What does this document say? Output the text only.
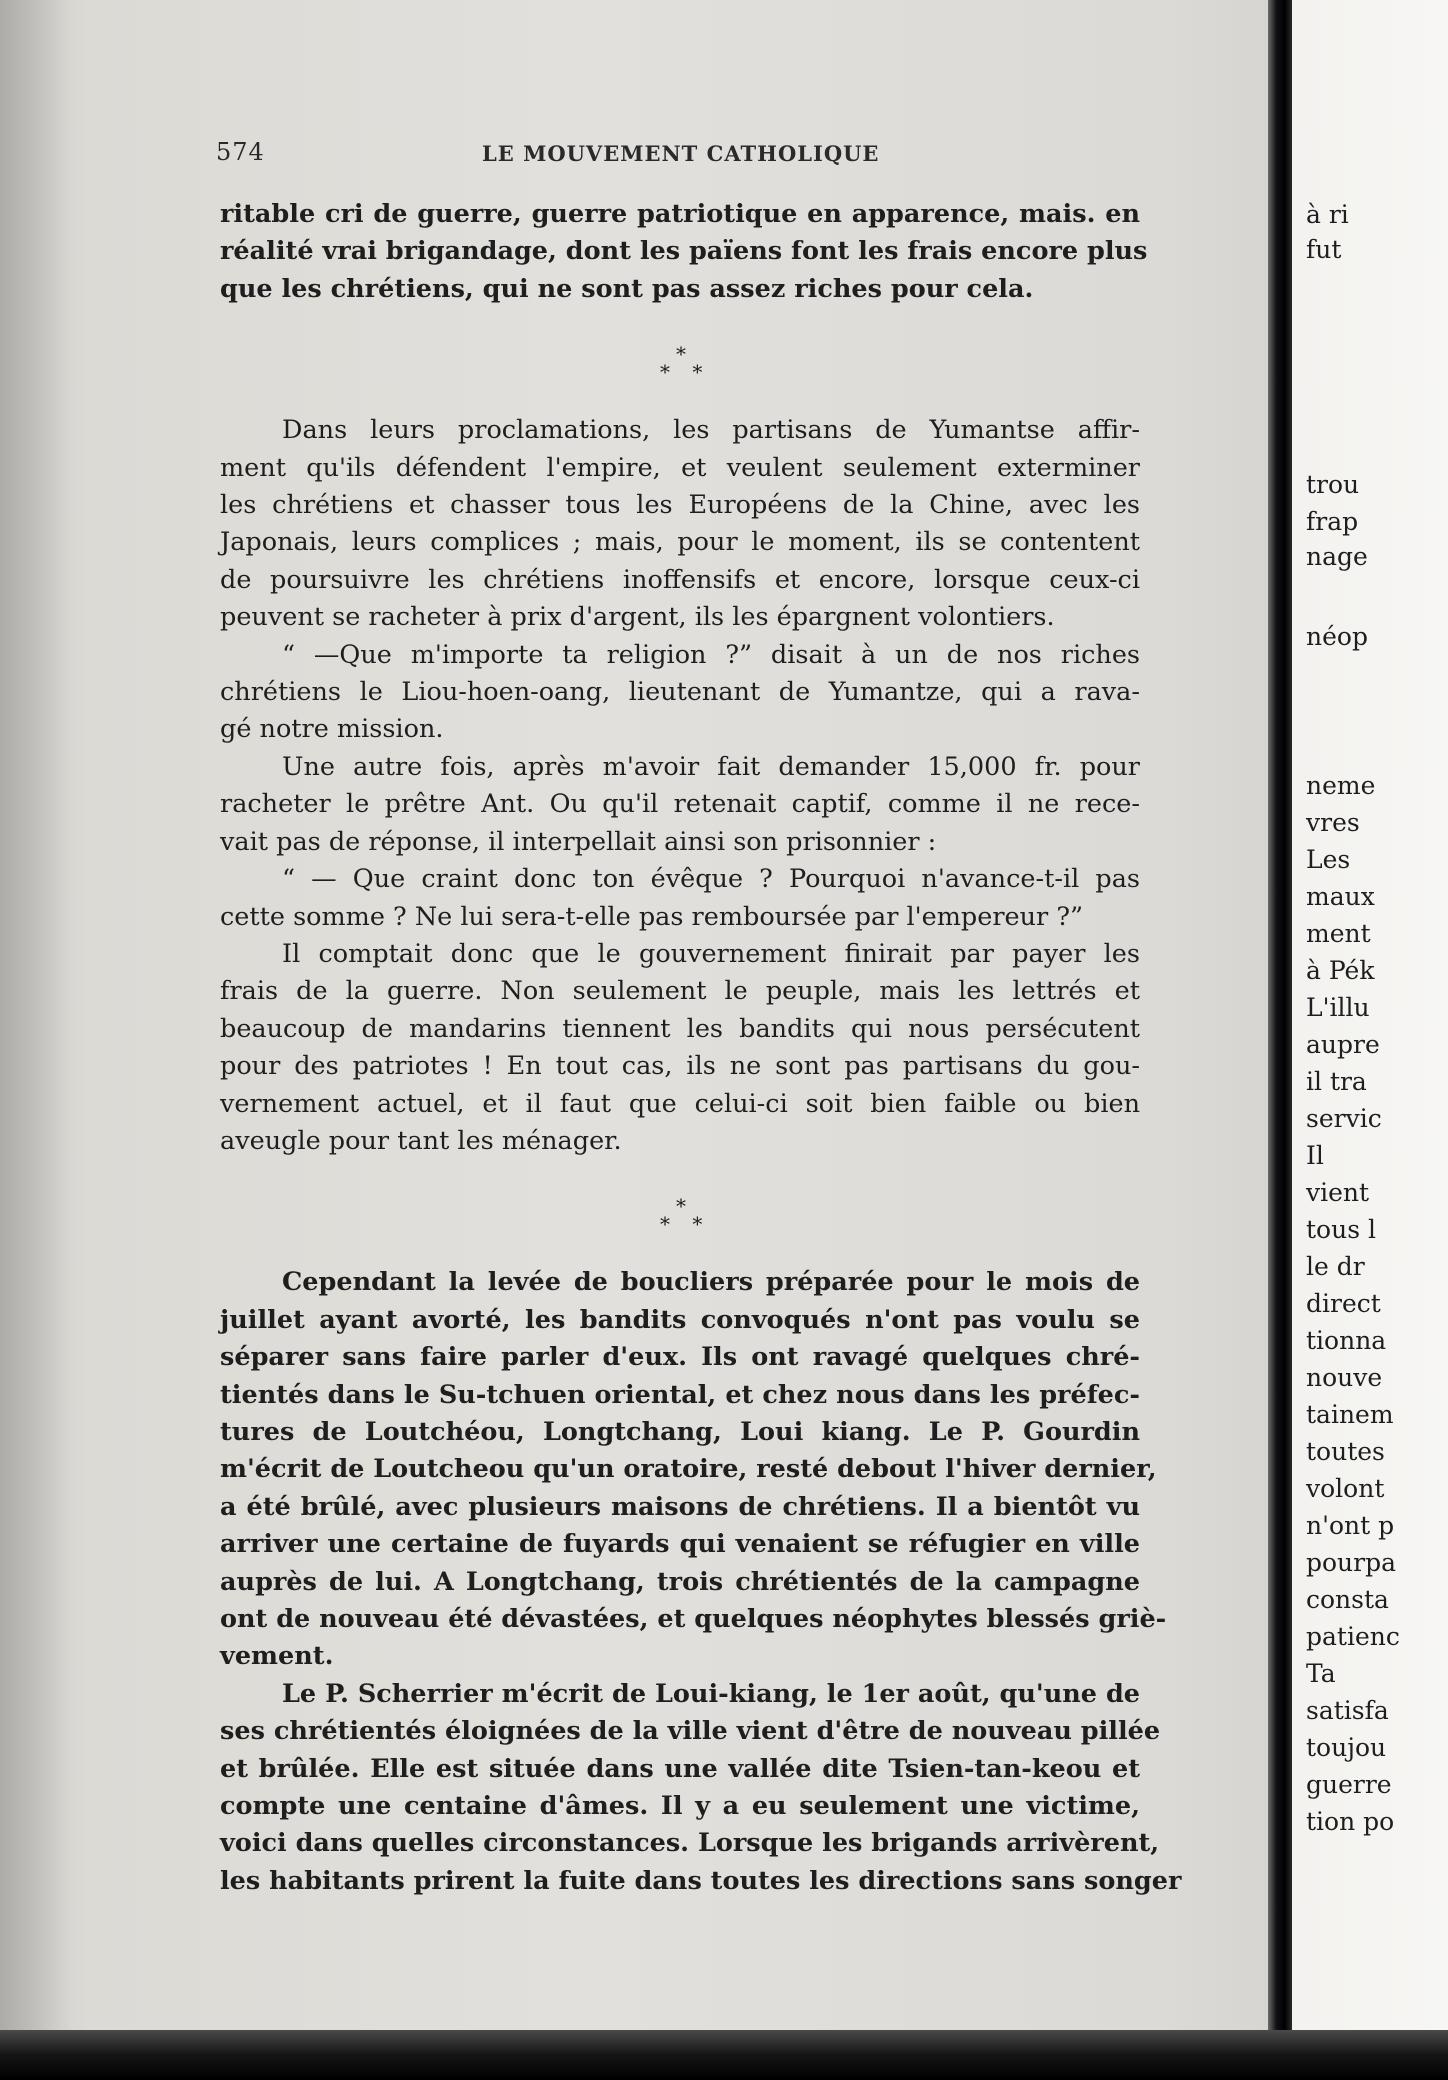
574	LE MOUVEMENT CATHOLIQUE

ritable cri de guerre, guerre patriotique en apparence, mais. en
réalité vrai brigandage, dont les païens font les frais encore plus
que les chrétiens, qui ne sont pas assez riches pour cela.

*
* *

Dans leurs proclamations, les partisans de Yumantse affir-
ment qu'ils défendent l'empire, et veulent seulement exterminer
les chrétiens et chasser tous les Européens de la Chine, avec les
Japonais, leurs complices ; mais, pour le moment, ils se contentent
de poursuivre les chrétiens inoffensifs et encore, lorsque ceux-ci
peuvent se racheter à prix d'argent, ils les épargnent volontiers.

“ —Que m'importe ta religion ?” disait à un de nos riches
chrétiens le Liou-hoen-oang, lieutenant de Yumantze, qui a rava-
gé notre mission.

Une autre fois, après m'avoir fait demander 15,000 fr. pour
racheter le prêtre Ant. Ou qu'il retenait captif, comme il ne rece-
vait pas de réponse, il interpellait ainsi son prisonnier :

“ — Que craint donc ton évêque ? Pourquoi n'avance-t-il pas
cette somme ? Ne lui sera-t-elle pas remboursée par l'empereur ?”

Il comptait donc que le gouvernement finirait par payer les
frais de la guerre. Non seulement le peuple, mais les lettrés et
beaucoup de mandarins tiennent les bandits qui nous persécutent
pour des patriotes ! En tout cas, ils ne sont pas partisans du gou-
vernement actuel, et il faut que celui-ci soit bien faible ou bien
aveugle pour tant les ménager.

*
* *

Cependant la levée de boucliers préparée pour le mois de
juillet ayant avorté, les bandits convoqués n'ont pas voulu se
séparer sans faire parler d'eux. Ils ont ravagé quelques chré-
tientés dans le Su-tchuen oriental, et chez nous dans les préfec-
tures de Loutchéou, Longtchang, Loui kiang. Le P. Gourdin
m'écrit de Loutcheou qu'un oratoire, resté debout l'hiver dernier,
a été brûlé, avec plusieurs maisons de chrétiens. Il a bientôt vu
arriver une certaine de fuyards qui venaient se réfugier en ville
auprès de lui. A Longtchang, trois chrétientés de la campagne
ont de nouveau été dévastées, et quelques néophytes blessés griè-
vement.

Le P. Scherrier m'écrit de Loui-kiang, le 1er août, qu'une de
ses chrétientés éloignées de la ville vient d'être de nouveau pillée
et brûlée. Elle est située dans une vallée dite Tsien-tan-keou et
compte une centaine d'âmes. Il y a eu seulement une victime,
voici dans quelles circonstances. Lorsque les brigands arrivèrent,
les habitants prirent la fuite dans toutes les directions sans songer

à ri
fut
trou
frap
nage
néop
neme
vres
Les
maux
ment
à Pék
L'illu
aupre
il tra
servic
Il
vient
tous l
le dr
direct
tionna
nouve
tainem
toutes
volont
n'ont p
pourpa
consta
patienc
Ta
satisfa
toujou
guerre
tion po
